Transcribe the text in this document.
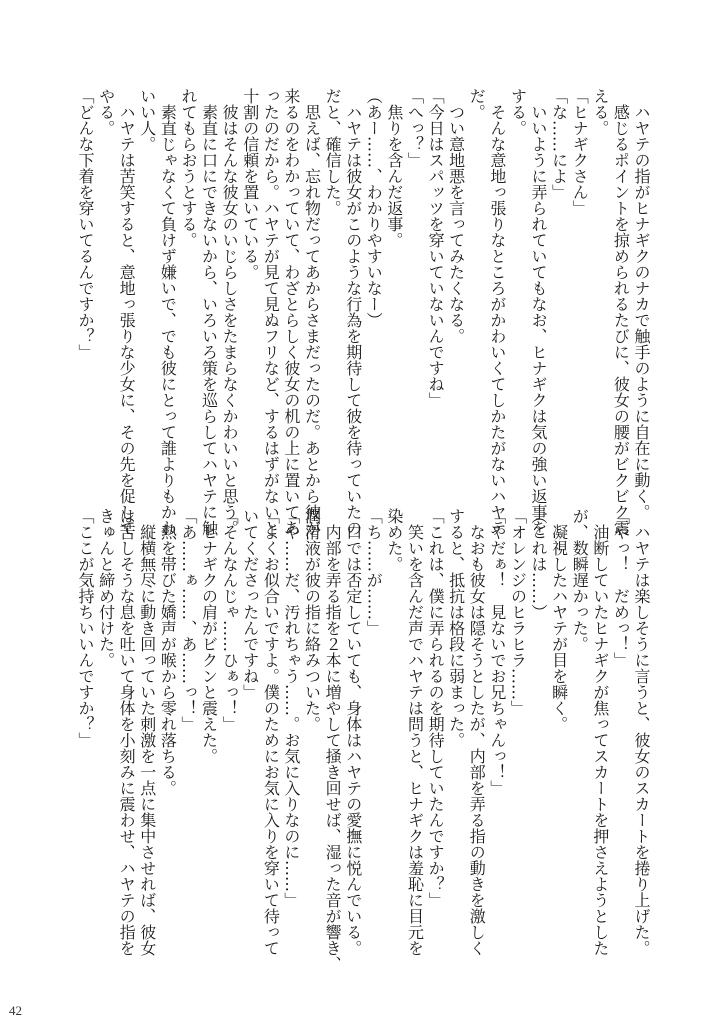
　ハヤテの指がヒナギクのナカで触手のように自在に動く。
　感じるポイントを掠められるたびに、彼女の腰がビクビク震
える。
「ヒナギクさん」
「な……によ」
　いいように弄られていてもなお、ヒナギクは気の強い返事を
する。
　そんな意地っ張りなところがかわいくてしかたがないハヤテ
だ。
　つい意地悪を言ってみたくなる。
「今日はスパッツを穿いていないんですね」
「へっ？」
　焦りを含んだ返事。
（あー……、わかりやすいなー）
　ハヤテは彼女がこのような行為を期待して彼を待っていたの
だと、確信した。
　思えば、忘れ物だってあからさまだったのだ。あとから彼が
来るのをわかっていて、わざとらしく彼女の机の上に置いてあ
ったのだから。ハヤテが見て見ぬフリなど、するはずがないと
十割の信頼を置いている。
　彼はそんな彼女のいじらしさをたまらなくかわいいと思う。
　素直に口にできないから、いろいろ策を巡らしてハヤテに触
れてもらおうとする。
　素直じゃなくて負けず嫌いで、でも彼にとって誰よりもかわ
いい人。
　ハヤテは苦笑すると、意地っ張りな少女に、その先を促して
やる。
「どんな下着を穿いてるんですか？」
　ハヤテは楽しそうに言うと、彼女のスカートを捲り上げた。
「やっ！　だめっ！」
　油断していたヒナギクが焦ってスカートを押さえようとした
が、数瞬遅かった。
　凝視したハヤテが目を瞬く。
（これは……）
「オレンジのヒラヒラ……」
「やだぁ！　見ないでお兄ちゃんっ！」
　なおも彼女は隠そうとしたが、内部を弄る指の動きを激しく
すると、抵抗は格段に弱まった。
「これは、僕に弄られるのを期待していたんですか？」
　笑いを含んだ声でハヤテは問うと、ヒナギクは羞恥に目元を
染めた。
「ち……が……」
　口では否定していても、身体はハヤテの愛撫に悦んでいる。
　内部を弄る指を２本に増やして掻き回せば、湿った音が響き、
潤滑液が彼の指に絡みついた。
「や……だ、汚れちゃう……。お気に入りなのに……」
「よくお似合いですよ。僕のためにお気に入りを穿いて待って
いてくださったんですね」
「そんなんじゃ……ひぁっ！」
　ヒナギクの肩がビクンと震えた。
「あ……ぁ……、あ……っ！」
　熱を帯びた嬌声が喉から零れ落ちる。
　縦横無尽に動き回っていた刺激を一点に集中させれば、彼女
は苦しそうな息を吐いて身体を小刻みに震わせ、ハヤテの指を
きゅんと締め付けた。
「ここが気持ちいいんですか？」
42
